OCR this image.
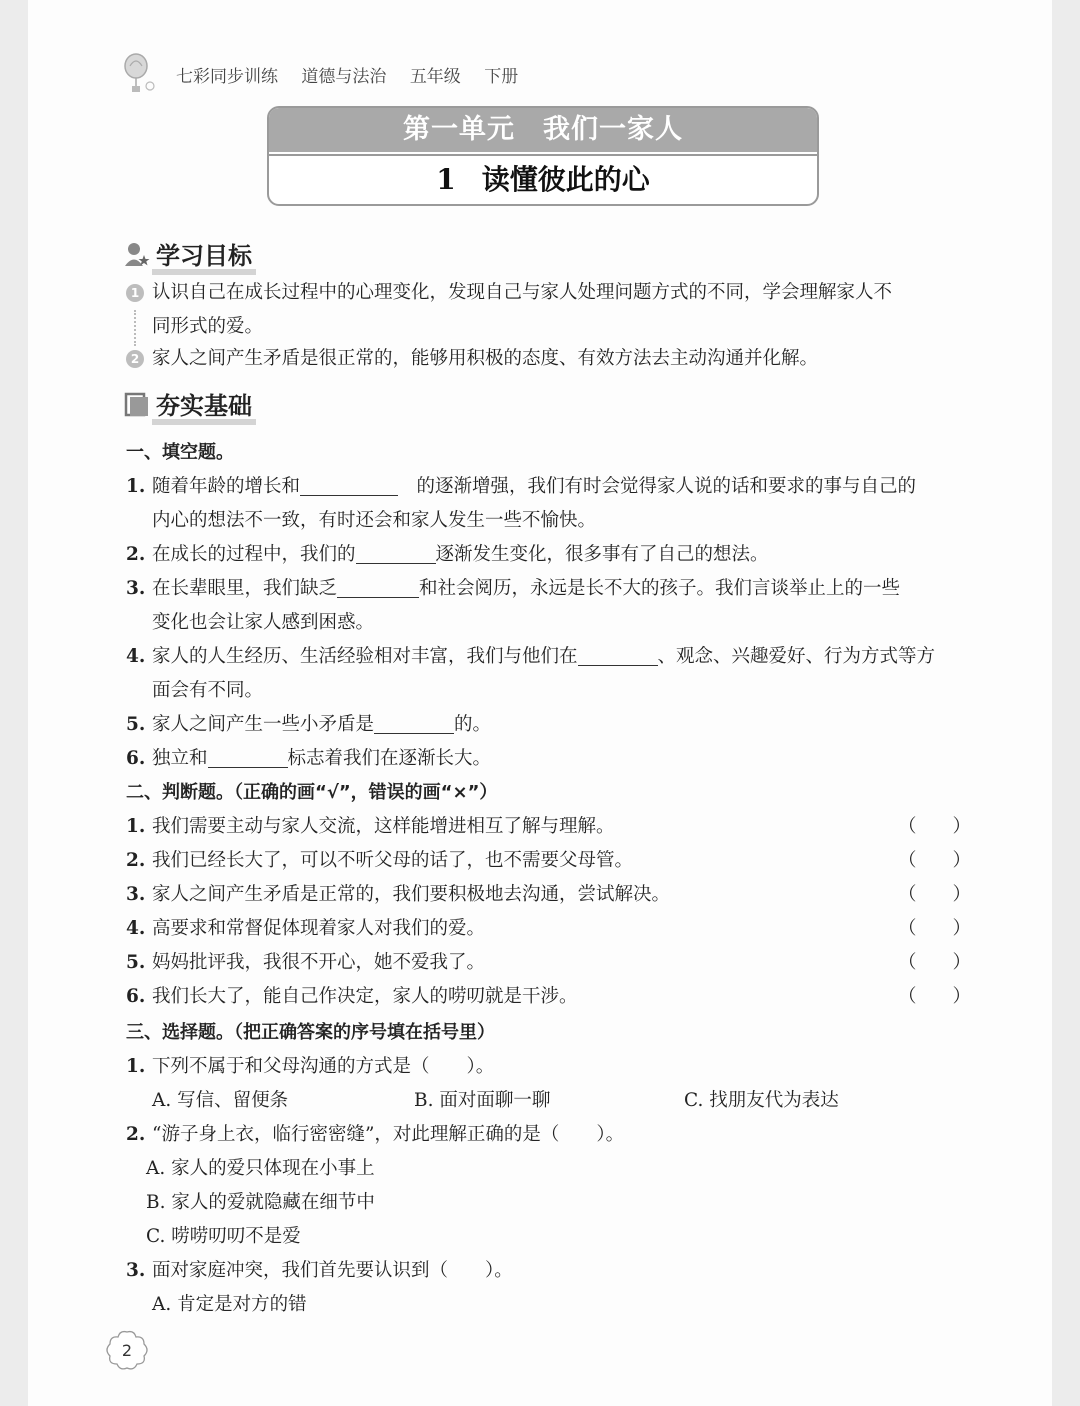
七彩同步训练 道德与法治 五年级 下册
第一单元　我们一家人
1 读懂彼此的心
学习目标
1 认识自己在成长过程中的心理变化，发现自己与家人处理问题方式的不同，学会理解家人不
同形式的爱。
2 家人之间产生矛盾是很正常的，能够用积极的态度、有效方法去主动沟通并化解。
夯实基础
一、填空题。
1. 随着年龄的增长和　	的逐渐增强，我们有时会觉得家人说的话和要求的事与自己的
内心的想法不一致，有时还会和家人发生一些不愉快。
2. 在成长的过程中，我们的	逐渐发生变化，很多事有了自己的想法。
3. 在长辈眼里，我们缺乏	和社会阅历，永远是长不大的孩子。我们言谈举止上的一些
变化也会让家人感到困惑。
4. 家人的人生经历、生活经验相对丰富，我们与他们在	、观念、兴趣爱好、行为方式等方
面会有不同。
5. 家人之间产生一些小矛盾是	的。
6. 独立和	标志着我们在逐渐长大。
二、判断题。（正确的画“√”，错误的画“×”）
1. 我们需要主动与家人交流，这样能增进相互了解与理解。	（）
2. 我们已经长大了，可以不听父母的话了，也不需要父母管。	（）
3. 家人之间产生矛盾是正常的，我们要积极地去沟通，尝试解决。	（）
4. 高要求和常督促体现着家人对我们的爱。	（）
5. 妈妈批评我，我很不开心，她不爱我了。	（）
6. 我们长大了，能自己作决定，家人的唠叨就是干涉。	（）
三、选择题。（把正确答案的序号填在括号里）
1. 下列不属于和父母沟通的方式是（　　）。
A. 写信、留便条	B. 面对面聊一聊	C. 找朋友代为表达
2. “游子身上衣，临行密密缝”，对此理解正确的是（　　）。
A. 家人的爱只体现在小事上
B. 家人的爱就隐藏在细节中
C. 唠唠叨叨不是爱
3. 面对家庭冲突，我们首先要认识到（　　）。
A. 肯定是对方的错
2
